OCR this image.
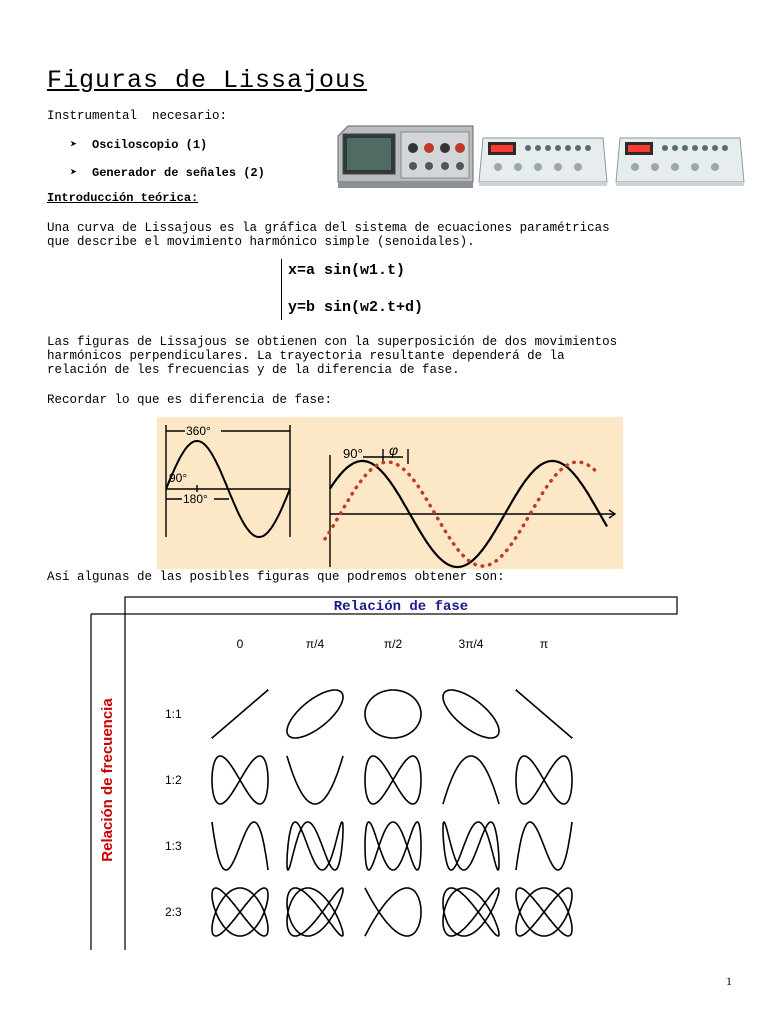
Figuras de Lissajous
Instrumental  necesario:
➤ Osciloscopio (1)
➤ Generador de señales (2)
Introducción teórica:
Una curva de Lissajous es la gráfica del sistema de ecuaciones paramétricas
que describe el movimiento harmónico simple (senoidales).
x=a sin(w1.t)
y=b sin(w2.t+d)
Las figuras de Lissajous se obtienen con la superposición de dos movimientos
harmónicos perpendiculares. La trayectoria resultante dependerá de la
relación de les frecuencias y de la diferencia de fase.
Recordar lo que es diferencia de fase:
360°
90°
180°
90° φ
Así algunas de las posibles figuras que podremos obtener son:
Relación de fase
Relación de frecuencia
0	π/4	π/2	3π/4	π
1:1
1:2
1:3
2:3
1
